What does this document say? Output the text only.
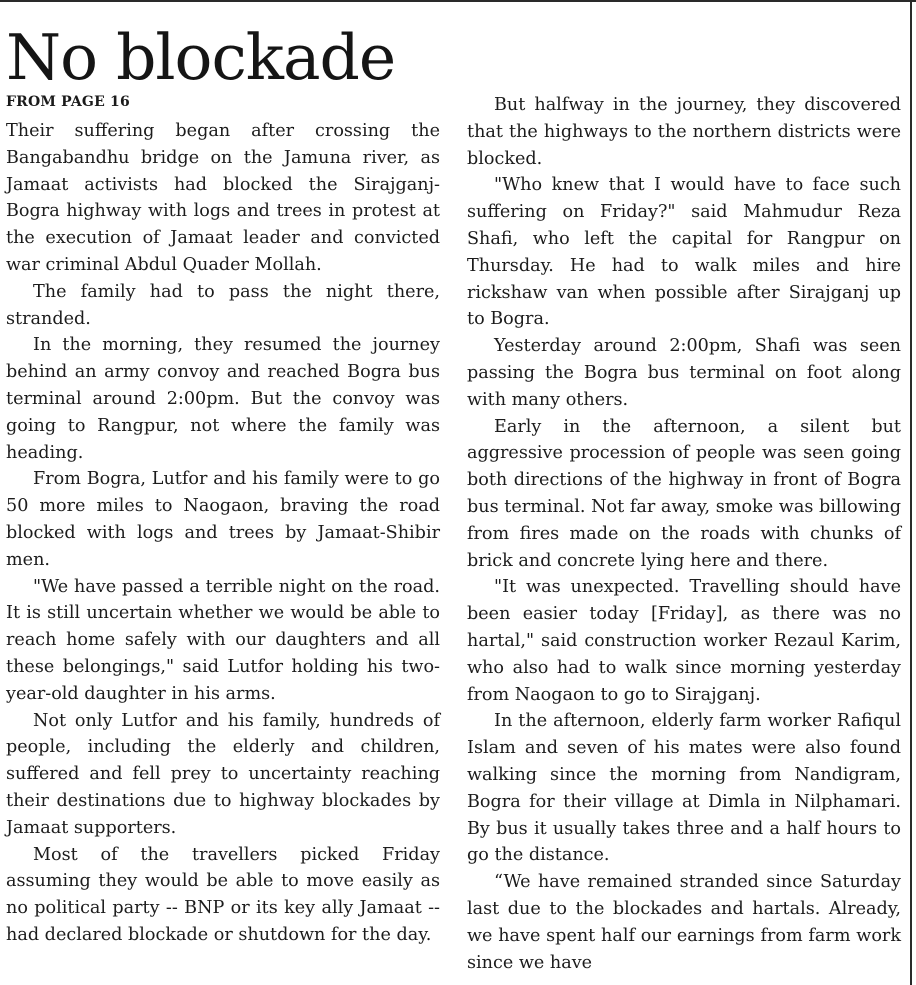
No blockade
FROM PAGE 16

Their suffering began after crossing the Bangabandhu bridge on the Jamuna river, as Jamaat activists had blocked the Sirajganj-Bogra highway with logs and trees in protest at the execution of Jamaat leader and convicted war criminal Abdul Quader Mollah.

The family had to pass the night there, stranded.

In the morning, they resumed the journey behind an army convoy and reached Bogra bus terminal around 2:00pm. But the convoy was going to Rangpur, not where the family was heading.

From Bogra, Lutfor and his family were to go 50 more miles to Naogaon, braving the road blocked with logs and trees by Jamaat-Shibir men.

"We have passed a terrible night on the road. It is still uncertain whether we would be able to reach home safely with our daughters and all these belongings," said Lutfor holding his two-year-old daughter in his arms.

Not only Lutfor and his family, hundreds of people, including the elderly and children, suffered and fell prey to uncertainty reaching their destinations due to highway blockades by Jamaat supporters.

Most of the travellers picked Friday assuming they would be able to move easily as no political party -- BNP or its key ally Jamaat -- had declared blockade or shutdown for the day.

But halfway in the journey, they discovered that the highways to the northern districts were blocked.

"Who knew that I would have to face such suffering on Friday?" said Mahmudur Reza Shafi, who left the capital for Rangpur on Thursday. He had to walk miles and hire rickshaw van when possible after Sirajganj up to Bogra.

Yesterday around 2:00pm, Shafi was seen passing the Bogra bus terminal on foot along with many others.

Early in the afternoon, a silent but aggressive procession of people was seen going both directions of the highway in front of Bogra bus terminal. Not far away, smoke was billowing from fires made on the roads with chunks of brick and concrete lying here and there.

"It was unexpected. Travelling should have been easier today [Friday], as there was no hartal," said construction worker Rezaul Karim, who also had to walk since morning yesterday from Naogaon to go to Sirajganj.

In the afternoon, elderly farm worker Rafiqul Islam and seven of his mates were also found walking since the morning from Nandigram, Bogra for their village at Dimla in Nilphamari. By bus it usually takes three and a half hours to go the distance.

“We have remained stranded since Saturday last due to the blockades and hartals. Already, we have spent half our earnings from farm work since we have
